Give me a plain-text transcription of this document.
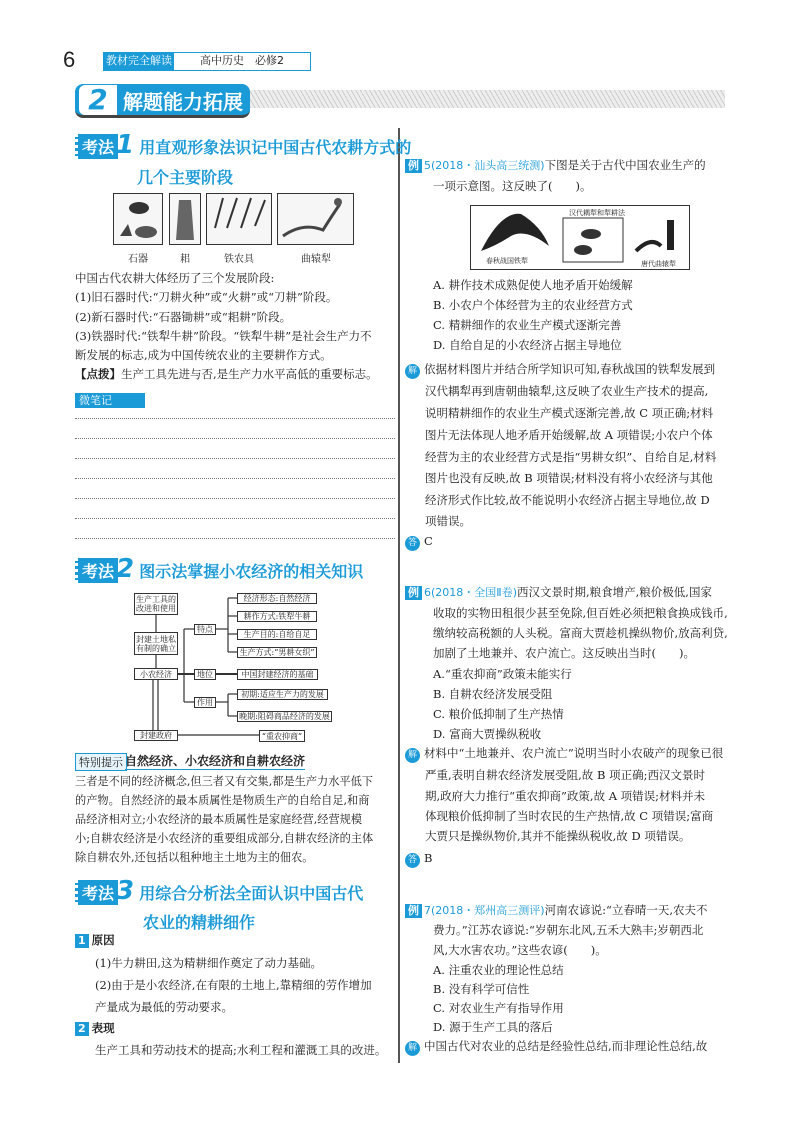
6	教材完全解读	高中历史　必修2
2 解题能力拓展
考法1 用直观形象法识记中国古代农耕方式的
几个主要阶段
石器	耜	铁农具	曲辕犁
中国古代农耕大体经历了三个发展阶段:
(1)旧石器时代:“刀耕火种”或“火耕”或“刀耕”阶段。
(2)新石器时代:“石器锄耕”或“耜耕”阶段。
(3)铁器时代:“铁犁牛耕”阶段。“铁犁牛耕”是社会生产力不
断发展的标志,成为中国传统农业的主要耕作方式。
【点拨】生产工具先进与否,是生产力水平高低的重要标志。
微笔记
考法2 图示法掌握小农经济的相关知识
生产工具的改进和使用
封建土地私有制的确立
小农经济
封建政府
特点
地位
作用
经济形态:自然经济
耕作方式:铁犁牛耕
生产目的:自给自足
生产方式:“男耕女织”
中国封建经济的基础
初期:适应生产力的发展
晚期:阻碍商品经济的发展
“重农抑商”
特别提示 自然经济、小农经济和自耕农经济
三者是不同的经济概念,但三者又有交集,都是生产力水平低下
的产物。自然经济的最本质属性是物质生产的自给自足,和商
品经济相对立;小农经济的最本质属性是家庭经营,经营规模
小;自耕农经济是小农经济的重要组成部分,自耕农经济的主体
除自耕农外,还包括以租种地主土地为主的佃农。
考法3 用综合分析法全面认识中国古代
农业的精耕细作
1 原因
(1)牛力耕田,这为精耕细作奠定了动力基础。
(2)由于是小农经济,在有限的土地上,靠精细的劳作增加
产量成为最低的劳动要求。
2 表现
生产工具和劳动技术的提高;水利工程和灌溉工具的改进。
例 5(2018・汕头高三统测)下图是关于古代中国农业生产的
一项示意图。这反映了(　　)。
汉代耦犁和犁耕法
春秋战国铁犁	唐代曲辕犁
A. 耕作技术成熟促使人地矛盾开始缓解
B. 小农户个体经营为主的农业经营方式
C. 精耕细作的农业生产模式逐渐完善
D. 自给自足的小农经济占据主导地位
解 依据材料图片并结合所学知识可知,春秋战国的铁犁发展到
汉代耦犁再到唐朝曲辕犁,这反映了农业生产技术的提高,
说明精耕细作的农业生产模式逐渐完善,故 C 项正确;材料
图片无法体现人地矛盾开始缓解,故 A 项错误;小农户个体
经营为主的农业经营方式是指“男耕女织”、自给自足,材料
图片也没有反映,故 B 项错误;材料没有将小农经济与其他
经济形式作比较,故不能说明小农经济占据主导地位,故 D
项错误。
答 C
例 6(2018・全国Ⅱ卷)西汉文景时期,粮食增产,粮价极低,国家
收取的实物田租很少甚至免除,但百姓必须把粮食换成钱币,
缴纳较高税额的人头税。富商大贾趁机操纵物价,放高利贷,
加剧了土地兼并、农户流亡。这反映出当时(　　)。
A.“重农抑商”政策未能实行
B. 自耕农经济发展受阻
C. 粮价低抑制了生产热情
D. 富商大贾操纵税收
解 材料中“土地兼并、农户流亡”说明当时小农破产的现象已很
严重,表明自耕农经济发展受阻,故 B 项正确;西汉文景时
期,政府大力推行“重农抑商”政策,故 A 项错误;材料并未
体现粮价低抑制了当时农民的生产热情,故 C 项错误;富商
大贾只是操纵物价,其并不能操纵税收,故 D 项错误。
答 B
例 7(2018・郑州高三测评)河南农谚说:“立春晴一天,农夫不
费力。”江苏农谚说:“岁朝东北风,五禾大熟丰;岁朝西北
风,大水害农功。”这些农谚(　　)。
A. 注重农业的理论性总结
B. 没有科学可信性
C. 对农业生产有指导作用
D. 源于生产工具的落后
解 中国古代对农业的总结是经验性总结,而非理论性总结,故
